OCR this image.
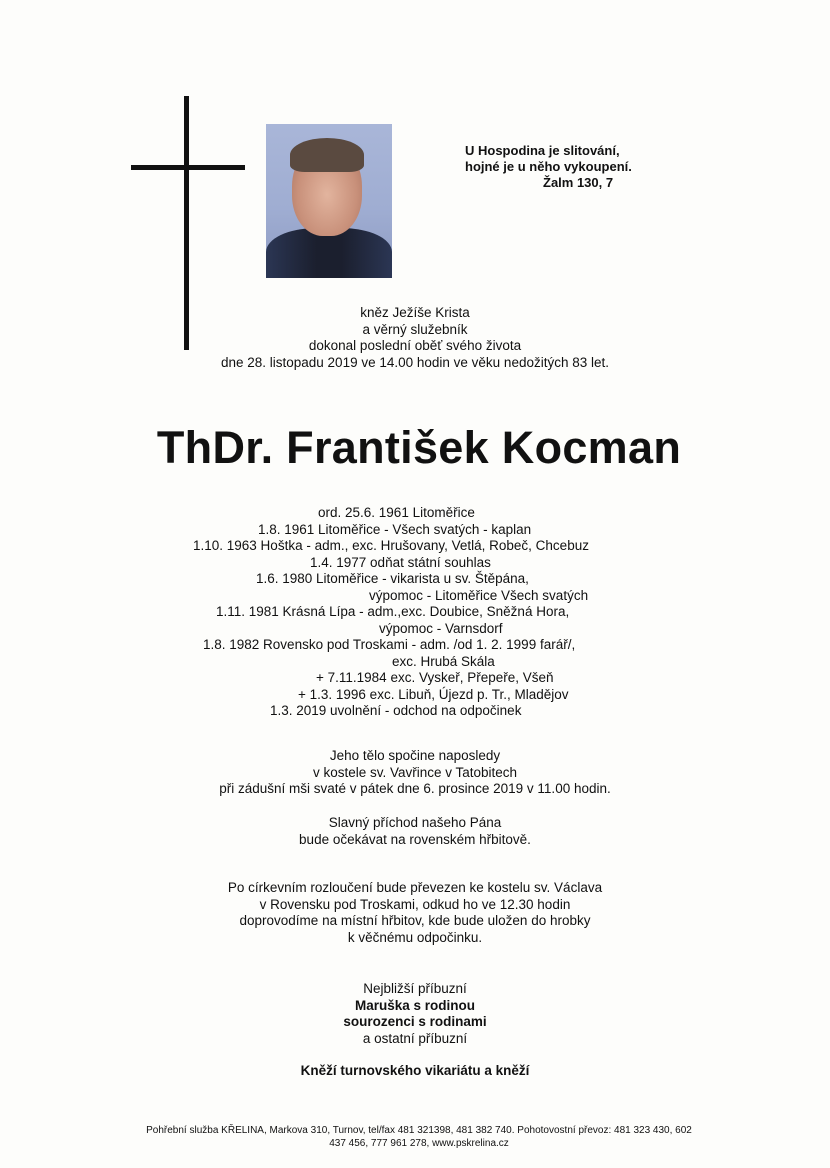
U Hospodina je slitování,
hojné je u něho vykoupení.
Žalm 130, 7
kněz Ježíše Krista
a věrný služebník
dokonal poslední oběť svého života
dne 28. listopadu 2019 ve 14.00 hodin ve věku nedožitých 83 let.
ThDr. František Kocman
ord. 25.6. 1961 Litoměřice
1.8. 1961 Litoměřice - Všech svatých - kaplan
1.10. 1963 Hoštka - adm., exc. Hrušovany, Vetlá, Robeč, Chcebuz
1.4. 1977 odňat státní souhlas
1.6. 1980 Litoměřice - vikarista u sv. Štěpána,
výpomoc - Litoměřice Všech svatých
1.11. 1981 Krásná Lípa - adm.,exc. Doubice, Sněžná Hora,
výpomoc - Varnsdorf
1.8. 1982 Rovensko pod Troskami - adm. /od 1. 2. 1999 farář/,
exc. Hrubá Skála
+ 7.11.1984 exc. Vyskeř, Přepeře, Všeň
+ 1.3. 1996 exc. Libuň, Újezd p. Tr., Mladějov
1.3. 2019 uvolnění - odchod na odpočinek
Jeho tělo spočine naposledy
v kostele sv. Vavřince v Tatobitech
při zádušní mši svaté v pátek dne 6. prosince 2019 v 11.00 hodin.
Slavný příchod našeho Pána
bude očekávat na rovenském hřbitově.
Po církevním rozloučení bude převezen ke kostelu sv. Václava
v Rovensku pod Troskami, odkud ho ve 12.30 hodin
doprovodíme na místní hřbitov, kde bude uložen do hrobky
k věčnému odpočinku.
Nejbližší příbuzní
Maruška s rodinou
sourozenci s rodinami
a ostatní příbuzní
Kněží turnovského vikariátu a kněží
Pohřební služba KŘELINA, Markova 310, Turnov, tel/fax 481 321398, 481 382 740. Pohotovostní převoz: 481 323 430, 602
437 456, 777 961 278, www.pskrelina.cz
